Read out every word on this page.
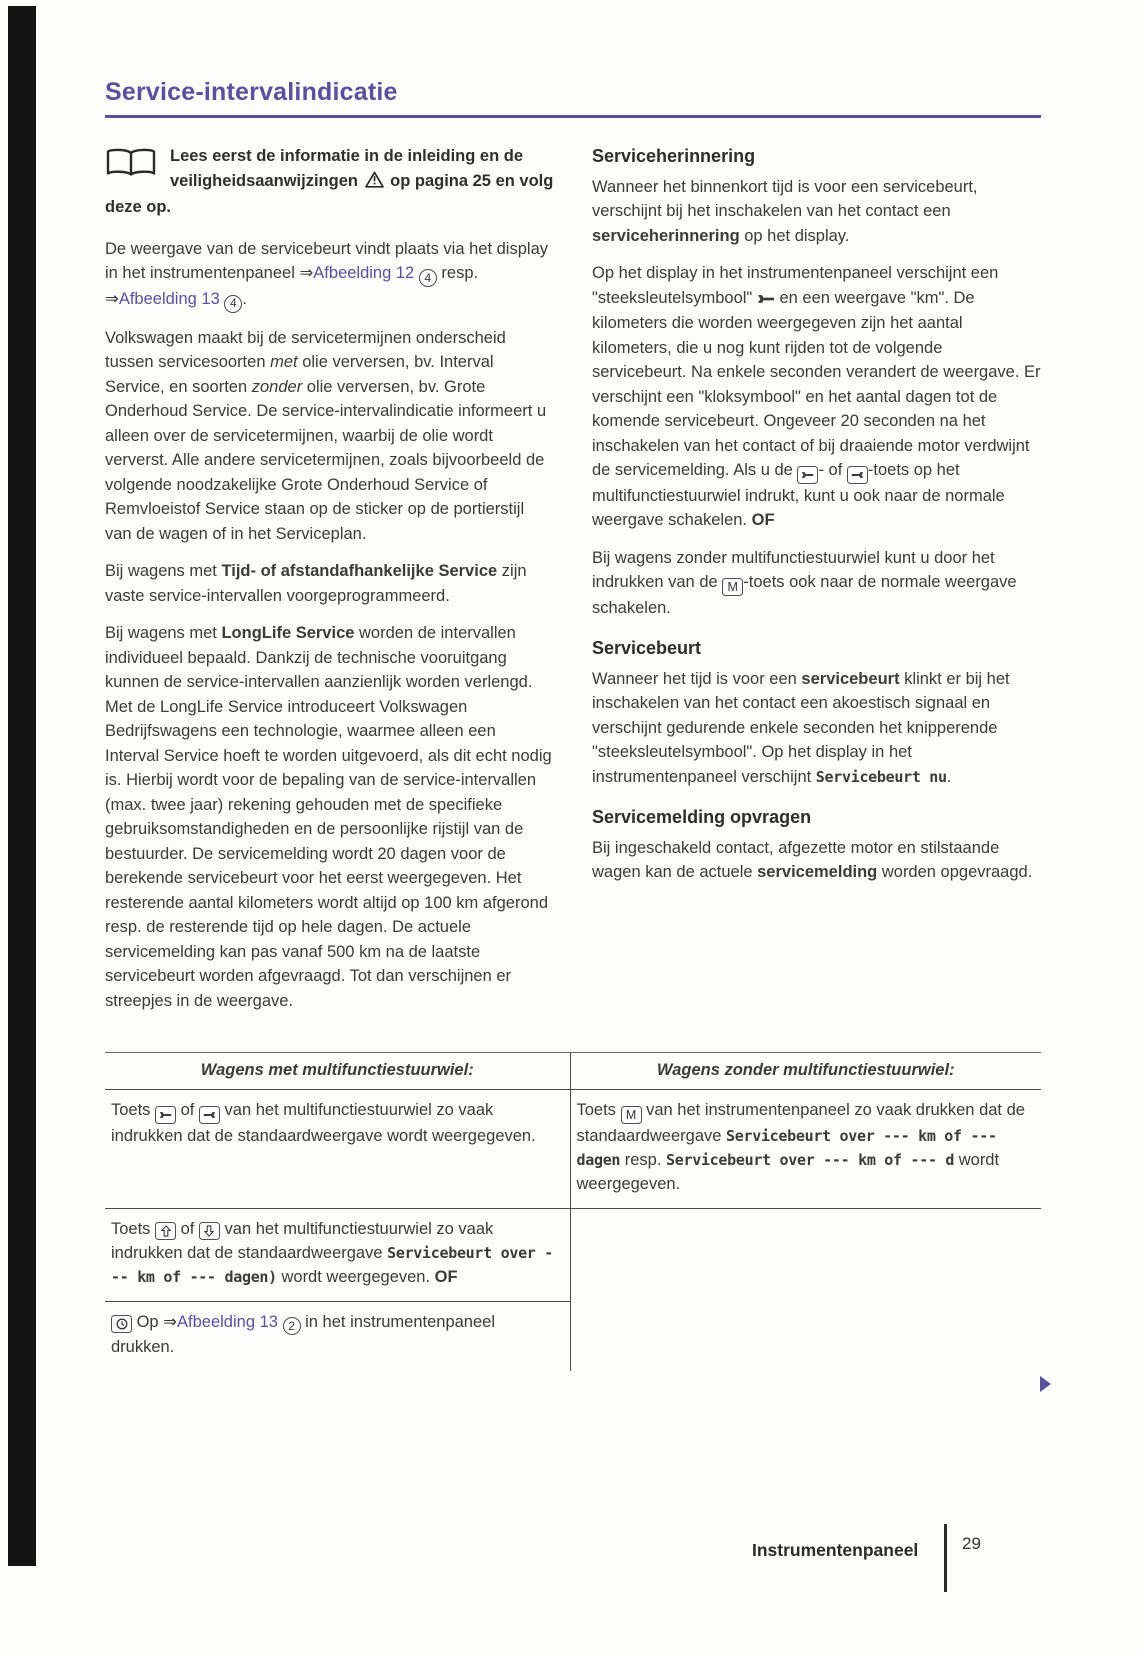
Service-intervalindicatie
Lees eerst de informatie in de inleiding en de veiligheidsaanwijzingen  op pagina 25 en volg deze op.

De weergave van de servicebeurt vindt plaats via het display in het instrumentenpaneel ⇒Afbeelding 12 4 resp. ⇒Afbeelding 13 4 .

Volkswagen maakt bij de servicetermijnen onderscheid tussen servicesoorten met olie verversen, bv. Interval Service, en soorten zonder olie verversen, bv. Grote Onderhoud Service. De service-intervalindicatie informeert u alleen over de servicetermijnen, waarbij de olie wordt ververst. Alle andere servicetermijnen, zoals bijvoorbeeld de volgende noodzakelijke Grote Onderhoud Service of Remvloeistof Service staan op de sticker op de portierstijl van de wagen of in het Serviceplan.

Bij wagens met Tijd- of afstandafhankelijke Service zijn vaste service-intervallen voorgeprogrammeerd.

Bij wagens met LongLife Service worden de intervallen individueel bepaald. Dankzij de technische vooruitgang kunnen de service-intervallen aanzienlijk worden verlengd. Met de LongLife Service introduceert Volkswagen Bedrijfswagens een technologie, waarmee alleen een Interval Service hoeft te worden uitgevoerd, als dit echt nodig is. Hierbij wordt voor de bepaling van de service-intervallen (max. twee jaar) rekening gehouden met de specifieke gebruiksomstandigheden en de persoonlijke rijstijl van de bestuurder. De servicemelding wordt 20 dagen voor de berekende servicebeurt voor het eerst weergegeven. Het resterende aantal kilometers wordt altijd op 100 km afgerond resp. de resterende tijd op hele dagen. De actuele servicemelding kan pas vanaf 500 km na de laatste servicebeurt worden afgevraagd. Tot dan verschijnen er streepjes in de weergave.

Serviceherinnering

Wanneer het binnenkort tijd is voor een servicebeurt, verschijnt bij het inschakelen van het contact een serviceherinnering op het display.

Op het display in het instrumentenpaneel verschijnt een "steeksleutelsymbool"  en een weergave "km". De kilometers die worden weergegeven zijn het aantal kilometers, die u nog kunt rijden tot de volgende servicebeurt. Na enkele seconden verandert de weergave. Er verschijnt een "kloksymbool" en het aantal dagen tot de komende servicebeurt. Ongeveer 20 seconden na het inschakelen van het contact of bij draaiende motor verdwijnt de servicemelding. Als u de
- of
-toets op het multifunctiestuurwiel indrukt, kunt u ook naar de normale weergave schakelen. OF

Bij wagens zonder multifunctiestuurwiel kunt u door het indrukken van de M -toets ook naar de normale weergave schakelen.

Servicebeurt

Wanneer het tijd is voor een servicebeurt klinkt er bij het inschakelen van het contact een akoestisch signaal en verschijnt gedurende enkele seconden het knipperende "steeksleutelsymbool". Op het display in het instrumentenpaneel verschijnt Servicebeurt nu.

Servicemelding opvragen

Bij ingeschakeld contact, afgezette motor en stilstaande wagen kan de actuele servicemelding worden opgevraagd.

Wagens met multifunctiestuurwiel:	Wagens zonder multifunctiestuurwiel:
Toets
of
van het multifunctiestuurwiel zo vaak indrukken dat de standaardweergave wordt weergegeven.	Toets M van het instrumentenpaneel zo vaak drukken dat de standaardweergave Servicebeurt over --- km of --- dagen resp. Servicebeurt over --- km of --- d wordt weergegeven.
Toets
of
van het multifunctiestuurwiel zo vaak indrukken dat de standaardweergave Servicebeurt over --- km of --- dagen) wordt weergegeven. OF	

Op ⇒Afbeelding 13 2 in het instrumentenpaneel drukken.	
Instrumentenpaneel	29
